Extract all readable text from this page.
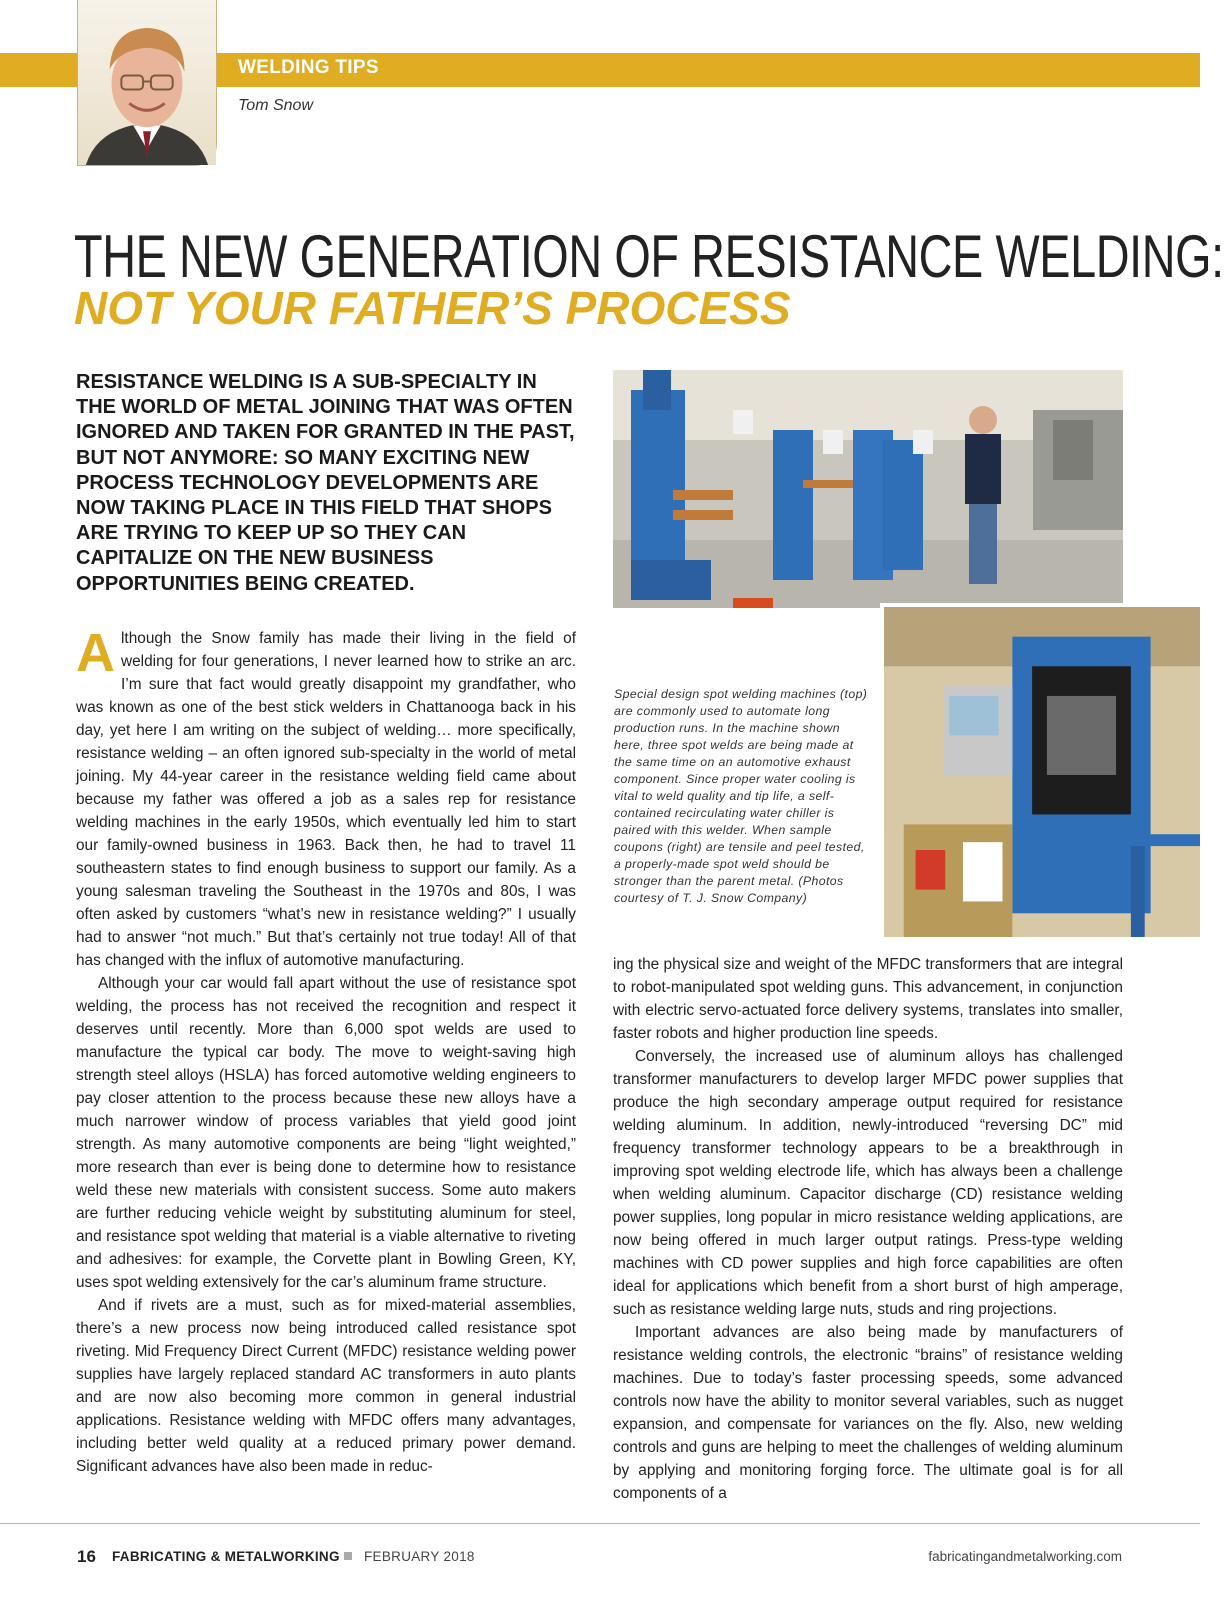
WELDING TIPS
Tom Snow
THE NEW GENERATION OF RESISTANCE WELDING:
NOT YOUR FATHER’S PROCESS
RESISTANCE WELDING IS A SUB-SPECIALTY IN THE WORLD OF METAL JOINING THAT WAS OFTEN IGNORED AND TAKEN FOR GRANTED IN THE PAST, BUT NOT ANYMORE: SO MANY EXCITING NEW PROCESS TECHNOLOGY DEVELOPMENTS ARE NOW TAKING PLACE IN THIS FIELD THAT SHOPS ARE TRYING TO KEEP UP SO THEY CAN CAPITALIZE ON THE NEW BUSINESS OPPORTUNITIES BEING CREATED.

Although the Snow family has made their living in the field of welding for four generations, I never learned how to strike an arc. I’m sure that fact would greatly disappoint my grandfather, who was known as one of the best stick welders in Chattanooga back in his day, yet here I am writing on the subject of welding… more specifically, resistance welding – an often ignored sub-specialty in the world of metal joining. My 44-year career in the resistance welding field came about because my father was offered a job as a sales rep for resistance welding machines in the early 1950s, which eventually led him to start our family-owned business in 1963. Back then, he had to travel 11 southeastern states to find enough business to support our family. As a young salesman traveling the Southeast in the 1970s and 80s, I was often asked by customers “what’s new in resistance welding?” I usually had to answer “not much.” But that’s certainly not true today! All of that has changed with the influx of automotive manufacturing.

Although your car would fall apart without the use of resistance spot welding, the process has not received the recognition and respect it deserves until recently. More than 6,000 spot welds are used to manufacture the typical car body. The move to weight-saving high strength steel alloys (HSLA) has forced automotive welding engineers to pay closer attention to the process because these new alloys have a much narrower window of process variables that yield good joint strength. As many automotive components are being “light weighted,” more research than ever is being done to determine how to resistance weld these new materials with consistent success. Some auto makers are further reducing vehicle weight by substituting aluminum for steel, and resistance spot welding that material is a viable alternative to riveting and adhesives: for example, the Corvette plant in Bowling Green, KY, uses spot welding extensively for the car’s aluminum frame structure.

And if rivets are a must, such as for mixed-material assemblies, there’s a new process now being introduced called resistance spot riveting. Mid Frequency Direct Current (MFDC) resistance welding power supplies have largely replaced standard AC transformers in auto plants and are now also becoming more common in general industrial applications. Resistance welding with MFDC offers many advantages, including better weld quality at a reduced primary power demand. Significant advances have also been made in reduc-

Special design spot welding machines (top) are commonly used to automate long production runs. In the machine shown here, three spot welds are being made at the same time on an automotive exhaust component. Since proper water cooling is vital to weld quality and tip life, a self-contained recirculating water chiller is paired with this welder. When sample coupons (right) are tensile and peel tested, a properly-made spot weld should be stronger than the parent metal. (Photos courtesy of T. J. Snow Company)

ing the physical size and weight of the MFDC transformers that are integral to robot-manipulated spot welding guns. This advancement, in conjunction with electric servo-actuated force delivery systems, translates into smaller, faster robots and higher production line speeds.

Conversely, the increased use of aluminum alloys has challenged transformer manufacturers to develop larger MFDC power supplies that produce the high secondary amperage output required for resistance welding aluminum. In addition, newly-introduced “reversing DC” mid frequency transformer technology appears to be a breakthrough in improving spot welding electrode life, which has always been a challenge when welding aluminum. Capacitor discharge (CD) resistance welding power supplies, long popular in micro resistance welding applications, are now being offered in much larger output ratings. Press-type welding machines with CD power supplies and high force capabilities are often ideal for applications which benefit from a short burst of high amperage, such as resistance welding large nuts, studs and ring projections.

Important advances are also being made by manufacturers of resistance welding controls, the electronic “brains” of resistance welding machines. Due to today’s faster processing speeds, some advanced controls now have the ability to monitor several variables, such as nugget expansion, and compensate for variances on the fly. Also, new welding controls and guns are helping to meet the challenges of welding aluminum by applying and monitoring forging force. The ultimate goal is for all components of a

16 FABRICATING & METALWORKING FEBRUARY 2018	fabricatingandmetalworking.com
